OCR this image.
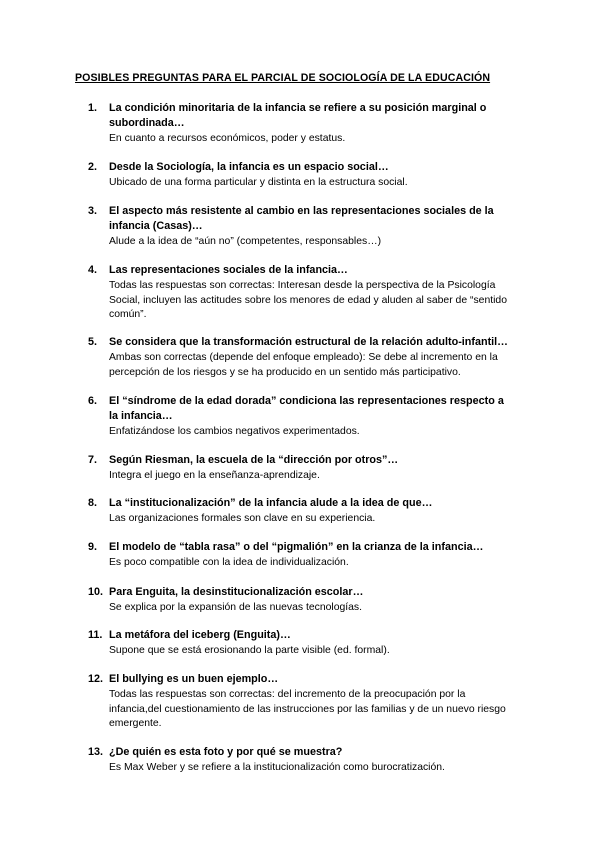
POSIBLES PREGUNTAS PARA EL PARCIAL DE SOCIOLOGÍA DE LA EDUCACIÓN
1.	La condición minoritaria de la infancia se refiere a su posición marginal o subordinada…

En cuanto a recursos económicos, poder y estatus.

2.	Desde la Sociología, la infancia es un espacio social…

Ubicado de una forma particular y distinta en la estructura social.

3.	El aspecto más resistente al cambio en las representaciones sociales de la infancia (Casas)…

Alude a la idea de “aún no” (competentes, responsables…)

4.	Las representaciones sociales de la infancia…

Todas las respuestas son correctas: Interesan desde la perspectiva de la Psicología Social, incluyen las actitudes sobre los menores de edad y aluden al saber de “sentido común”.

5.	Se considera que la transformación estructural de la relación adulto-infantil…

Ambas son correctas (depende del enfoque empleado): Se debe al incremento en la percepción de los riesgos y se ha producido en un sentido más participativo.

6.	El “síndrome de la edad dorada” condiciona las representaciones respecto a la infancia…

Enfatizándose los cambios negativos experimentados.

7.	Según Riesman, la escuela de la “dirección por otros”…

Integra el juego en la enseñanza-aprendizaje.

8.	La “institucionalización” de la infancia alude a la idea de que…

Las organizaciones formales son clave en su experiencia.

9.	El modelo de “tabla rasa” o del “pigmalión” en la crianza de la infancia…

Es poco compatible con la idea de individualización.

10. Para Enguita, la desinstitucionalización escolar…

Se explica por la expansión de las nuevas tecnologías.

11. La metáfora del iceberg (Enguita)…

Supone que se está erosionando la parte visible (ed. formal).

12. El bullying es un buen ejemplo…

Todas las respuestas son correctas: del incremento de la preocupación por la infancia,del cuestionamiento de las instrucciones por las familias y de un nuevo riesgo emergente.

13. ¿De quién es esta foto y por qué se muestra?

Es Max Weber y se refiere a la institucionalización como burocratización.
